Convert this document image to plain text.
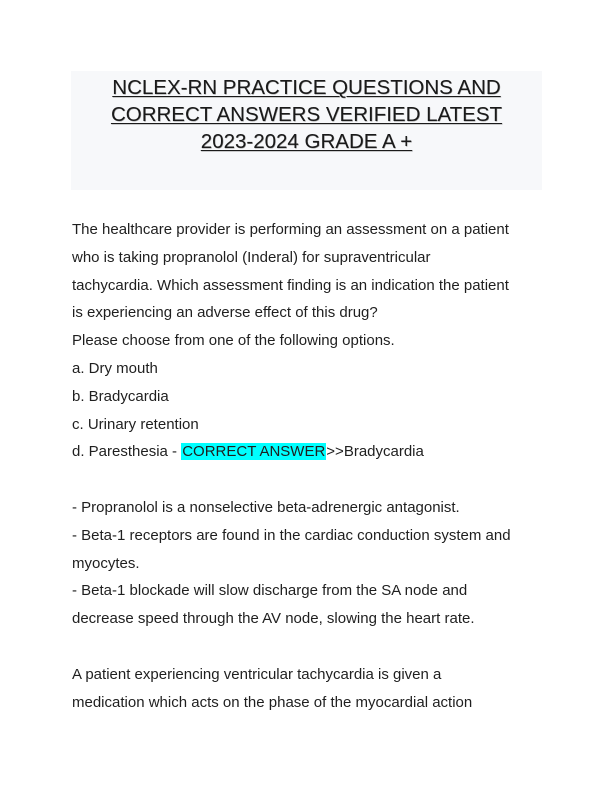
NCLEX-RN PRACTICE QUESTIONS AND
CORRECT ANSWERS VERIFIED LATEST
2023-2024 GRADE A +
The healthcare provider is performing an assessment on a patient
who is taking propranolol (Inderal) for supraventricular
tachycardia. Which assessment finding is an indication the patient
is experiencing an adverse effect of this drug?
Please choose from one of the following options.
a. Dry mouth
b. Bradycardia
c. Urinary retention
d. Paresthesia - CORRECT ANSWER>>Bradycardia
- Propranolol is a nonselective beta-adrenergic antagonist.
- Beta-1 receptors are found in the cardiac conduction system and
myocytes.
- Beta-1 blockade will slow discharge from the SA node and
decrease speed through the AV node, slowing the heart rate.
A patient experiencing ventricular tachycardia is given a
medication which acts on the phase of the myocardial action
